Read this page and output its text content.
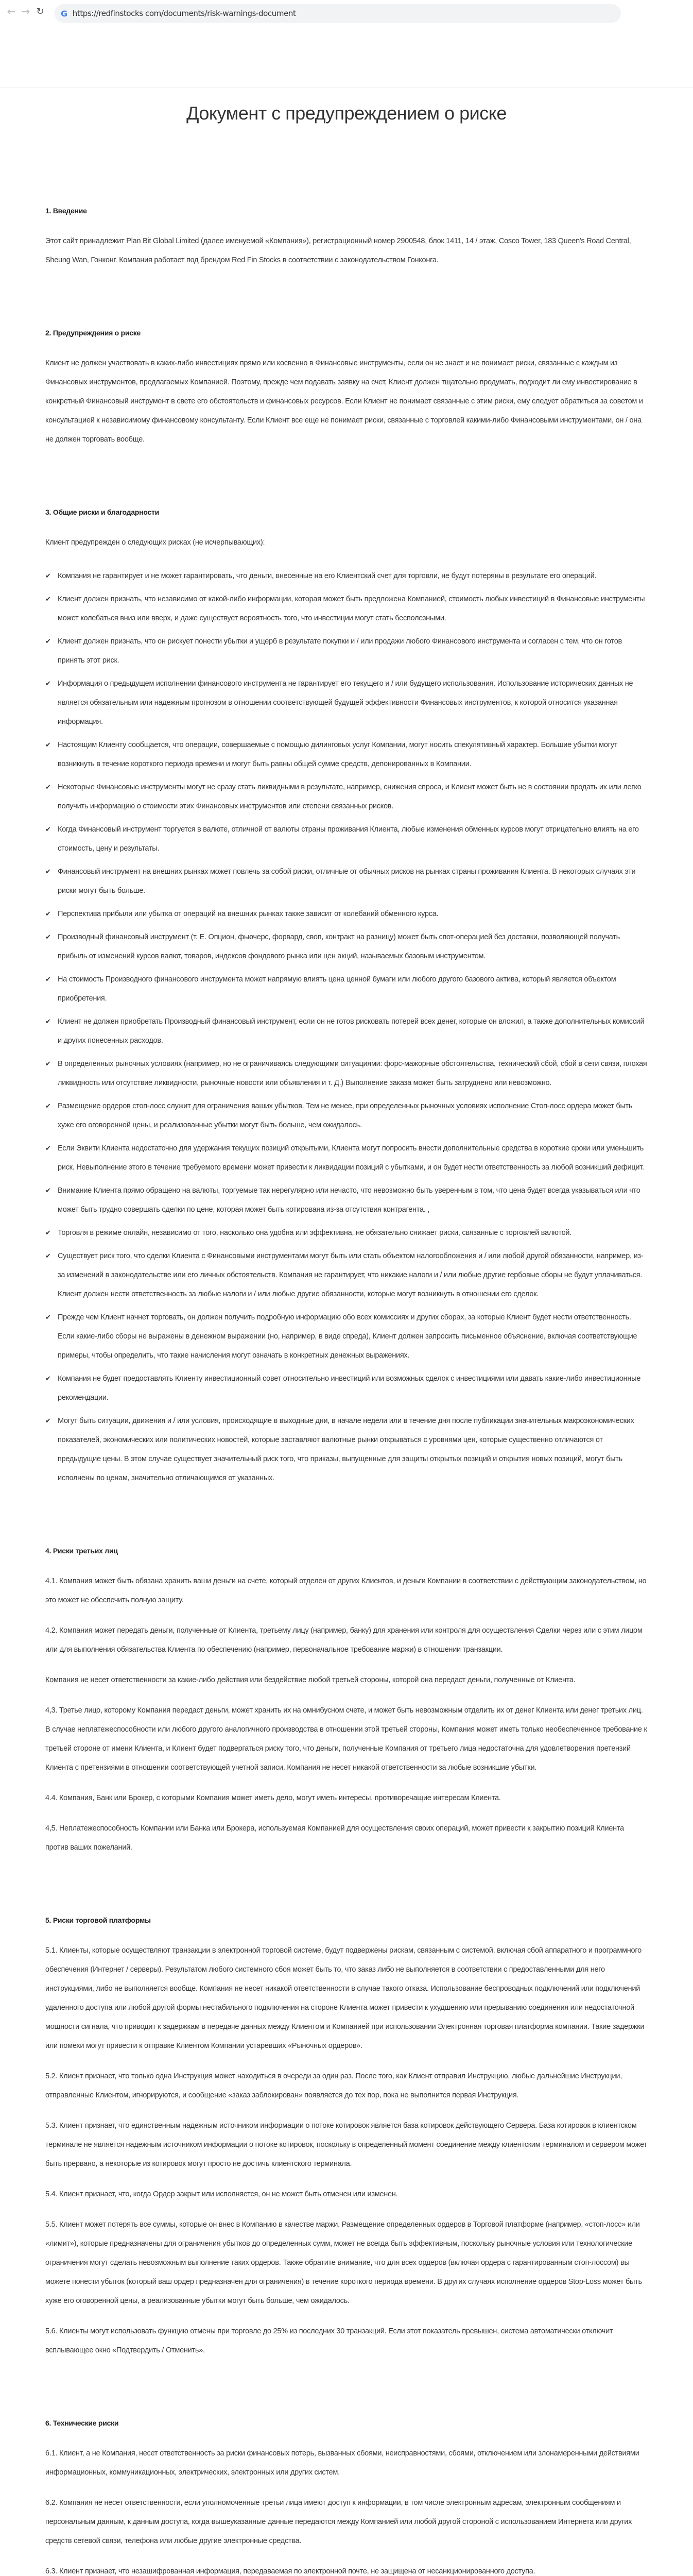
← → ↻	G https://redfinstocks com/documents/risk-warnings-document
Документ с предупреждением о риске
1. Введение

Этот сайт принадлежит Plan Bit Global Limited (далее именуемой «Компания»), регистрационный номер 2900548, блок 1411, 14 / этаж, Cosco Tower, 183 Queen's Road Central, Sheung Wan, Гонконг. Компания работает под брендом Red Fin Stocks в соответствии с законодательством Гонконга.

2. Предупреждения о риске

Клиент не должен участвовать в каких-либо инвестициях прямо или косвенно в Финансовые инструменты, если он не знает и не понимает риски, связанные с каждым из Финансовых инструментов, предлагаемых Компанией. Поэтому, прежде чем подавать заявку на счет, Клиент должен тщательно продумать, подходит ли ему инвестирование в конкретный Финансовый инструмент в свете его обстоятельств и финансовых ресурсов. Если Клиент не понимает связанные с этим риски, ему следует обратиться за советом и консультацией к независимому финансовому консультанту. Если Клиент все еще не понимает риски, связанные с торговлей какими-либо Финансовыми инструментами, он / она не должен торговать вообще.

3. Общие риски и благодарности

Клиент предупрежден о следующих рисках (не исчерпывающих):

✔ Компания не гарантирует и не может гарантировать, что деньги, внесенные на его Клиентский счет для торговли, не будут потеряны в результате его операций.
✔ Клиент должен признать, что независимо от какой-либо информации, которая может быть предложена Компанией, стоимость любых инвестиций в Финансовые инструменты может колебаться вниз или вверх, и даже существует вероятность того, что инвестиции могут стать бесполезными.
✔ Клиент должен признать, что он рискует понести убытки и ущерб в результате покупки и / или продажи любого Финансового инструмента и согласен с тем, что он готов принять этот риск.
✔ Информация о предыдущем исполнении финансового инструмента не гарантирует его текущего и / или будущего использования. Использование исторических данных не является обязательным или надежным прогнозом в отношении соответствующей будущей эффективности Финансовых инструментов, к которой относится указанная информация.
✔ Настоящим Клиенту сообщается, что операции, совершаемые с помощью дилинговых услуг Компании, могут носить спекулятивный характер. Большие убытки могут возникнуть в течение короткого периода времени и могут быть равны общей сумме средств, депонированных в Компании.
✔ Некоторые Финансовые инструменты могут не сразу стать ликвидными в результате, например, снижения спроса, и Клиент может быть не в состоянии продать их или легко получить информацию о стоимости этих Финансовых инструментов или степени связанных рисков.
✔ Когда Финансовый инструмент торгуется в валюте, отличной от валюты страны проживания Клиента, любые изменения обменных курсов могут отрицательно влиять на его стоимость, цену и результаты.
✔ Финансовый инструмент на внешних рынках может повлечь за собой риски, отличные от обычных рисков на рынках страны проживания Клиента. В некоторых случаях эти риски могут быть больше.
✔ Перспектива прибыли или убытка от операций на внешних рынках также зависит от колебаний обменного курса.
✔ Производный финансовый инструмент (т. Е. Опцион, фьючерс, форвард, своп, контракт на разницу) может быть спот-операцией без доставки, позволяющей получать прибыль от изменений курсов валют, товаров, индексов фондового рынка или цен акций, называемых базовым инструментом.
✔ На стоимость Производного финансового инструмента может напрямую влиять цена ценной бумаги или любого другого базового актива, который является объектом приобретения.
✔ Клиент не должен приобретать Производный финансовый инструмент, если он не готов рисковать потерей всех денег, которые он вложил, а также дополнительных комиссий и других понесенных расходов.
✔ В определенных рыночных условиях (например, но не ограничиваясь следующими ситуациями: форс-мажорные обстоятельства, технический сбой, сбой в сети связи, плохая ликвидность или отсутствие ликвидности, рыночные новости или объявления и т. Д.) Выполнение заказа может быть затруднено или невозможно.
✔ Размещение ордеров стоп-лосс служит для ограничения ваших убытков. Тем не менее, при определенных рыночных условиях исполнение Стоп-лосс ордера может быть хуже его оговоренной цены, и реализованные убытки могут быть больше, чем ожидалось.
✔ Если Эквити Клиента недостаточно для удержания текущих позиций открытыми, Клиента могут попросить внести дополнительные средства в короткие сроки или уменьшить риск. Невыполнение этого в течение требуемого времени может привести к ликвидации позиций с убытками, и он будет нести ответственность за любой возникший дефицит.
✔ Внимание Клиента прямо обращено на валюты, торгуемые так нерегулярно или нечасто, что невозможно быть уверенным в том, что цена будет всегда указываться или что может быть трудно совершать сделки по цене, которая может быть котирована из-за отсутствия контрагента. ,
✔ Торговля в режиме онлайн, независимо от того, насколько она удобна или эффективна, не обязательно снижает риски, связанные с торговлей валютой.
✔ Существует риск того, что сделки Клиента с Финансовыми инструментами могут быть или стать объектом налогообложения и / или любой другой обязанности, например, из-за изменений в законодательстве или его личных обстоятельств. Компания не гарантирует, что никакие налоги и / или любые другие гербовые сборы не будут уплачиваться. Клиент должен нести ответственность за любые налоги и / или любые другие обязанности, которые могут возникнуть в отношении его сделок.
✔ Прежде чем Клиент начнет торговать, он должен получить подробную информацию обо всех комиссиях и других сборах, за которые Клиент будет нести ответственность. Если какие-либо сборы не выражены в денежном выражении (но, например, в виде спреда), Клиент должен запросить письменное объяснение, включая соответствующие примеры, чтобы определить, что такие начисления могут означать в конкретных денежных выражениях.
✔ Компания не будет предоставлять Клиенту инвестиционный совет относительно инвестиций или возможных сделок с инвестициями или давать какие-либо инвестиционные рекомендации.
✔ Могут быть ситуации, движения и / или условия, происходящие в выходные дни, в начале недели или в течение дня после публикации значительных макроэкономических показателей, экономических или политических новостей, которые заставляют валютные рынки открываться с уровнями цен, которые существенно отличаются от предыдущие цены. В этом случае существует значительный риск того, что приказы, выпущенные для защиты открытых позиций и открытия новых позиций, могут быть исполнены по ценам, значительно отличающимся от указанных.
4. Риски третьих лиц

4.1. Компания может быть обязана хранить ваши деньги на счете, который отделен от других Клиентов, и деньги Компании в соответствии с действующим законодательством, но это может не обеспечить полную защиту.

4.2. Компания может передать деньги, полученные от Клиента, третьему лицу (например, банку) для хранения или контроля для осуществления Сделки через или с этим лицом или для выполнения обязательства Клиента по обеспечению (например, первоначальное требование маржи) в отношении транзакции.

Компания не несет ответственности за какие-либо действия или бездействие любой третьей стороны, которой она передаст деньги, полученные от Клиента.

4,3. Третье лицо, которому Компания передаст деньги, может хранить их на омнибусном счете, и может быть невозможным отделить их от денег Клиента или денег третьих лиц. В случае неплатежеспособности или любого другого аналогичного производства в отношении этой третьей стороны, Компания может иметь только необеспеченное требование к третьей стороне от имени Клиента, и Клиент будет подвергаться риску того, что деньги, полученные Компания от третьего лица недостаточна для удовлетворения претензий Клиента с претензиями в отношении соответствующей учетной записи. Компания не несет никакой ответственности за любые возникшие убытки.

4.4. Компания, Банк или Брокер, с которыми Компания может иметь дело, могут иметь интересы, противоречащие интересам Клиента.

4,5. Неплатежеспособность Компании или Банка или Брокера, используемая Компанией для осуществления своих операций, может привести к закрытию позиций Клиента против ваших пожеланий.

5. Риски торговой платформы

5.1. Клиенты, которые осуществляют транзакции в электронной торговой системе, будут подвержены рискам, связанным с системой, включая сбой аппаратного и программного обеспечения (Интернет / серверы). Результатом любого системного сбоя может быть то, что заказ либо не выполняется в соответствии с предоставленными для него инструкциями, либо не выполняется вообще. Компания не несет никакой ответственности в случае такого отказа. Использование беспроводных подключений или подключений удаленного доступа или любой другой формы нестабильного подключения на стороне Клиента может привести к ухудшению или прерыванию соединения или недостаточной мощности сигнала, что приводит к задержкам в передаче данных между Клиентом и Компанией при использовании Электронная торговая платформа компании. Такие задержки или помехи могут привести к отправке Клиентом Компании устаревших «Рыночных ордеров».

5.2. Клиент признает, что только одна Инструкция может находиться в очереди за один раз. После того, как Клиент отправил Инструкцию, любые дальнейшие Инструкции, отправленные Клиентом, игнорируются, и сообщение «заказ заблокирован» появляется до тех пор, пока не выполнится первая Инструкция.

5.3. Клиент признает, что единственным надежным источником информации о потоке котировок является база котировок действующего Сервера. База котировок в клиентском терминале не является надежным источником информации о потоке котировок, поскольку в определенный момент соединение между клиентским терминалом и сервером может быть прервано, а некоторые из котировок могут просто не достичь клиентского терминала.

5.4. Клиент признает, что, когда Ордер закрыт или исполняется, он не может быть отменен или изменен.

5.5. Клиент может потерять все суммы, которые он внес в Компанию в качестве маржи. Размещение определенных ордеров в Торговой платформе (например, «стоп-лосс» или «лимит»), которые предназначены для ограничения убытков до определенных сумм, может не всегда быть эффективным, поскольку рыночные условия или технологические ограничения могут сделать невозможным выполнение таких ордеров. Также обратите внимание, что для всех ордеров (включая ордера с гарантированным стоп-лоссом) вы можете понести убыток (который ваш ордер предназначен для ограничения) в течение короткого периода времени. В других случаях исполнение ордеров Stop-Loss может быть хуже его оговоренной цены, а реализованные убытки могут быть больше, чем ожидалось.

5.6. Клиенты могут использовать функцию отмены при торговле до 25% из последних 30 транзакций. Если этот показатель превышен, система автоматически отключит всплывающее окно «Подтвердить / Отменить».

6. Технические риски

6.1. Клиент, а не Компания, несет ответственность за риски финансовых потерь, вызванных сбоями, неисправностями, сбоями, отключением или злонамеренными действиями информационных, коммуникационных, электрических, электронных или других систем.

6.2. Компания не несет ответственности, если уполномоченные третьи лица имеют доступ к информации, в том числе электронным адресам, электронным сообщениям и персональным данным, к данным доступа, когда вышеуказанные данные передаются между Компанией или любой другой стороной с использованием Интернета или других средств сетевой связи, телефона или любые другие электронные средства.

6.3. Клиент признает, что незашифрованная информация, передаваемая по электронной почте, не защищена от несанкционированного доступа.
